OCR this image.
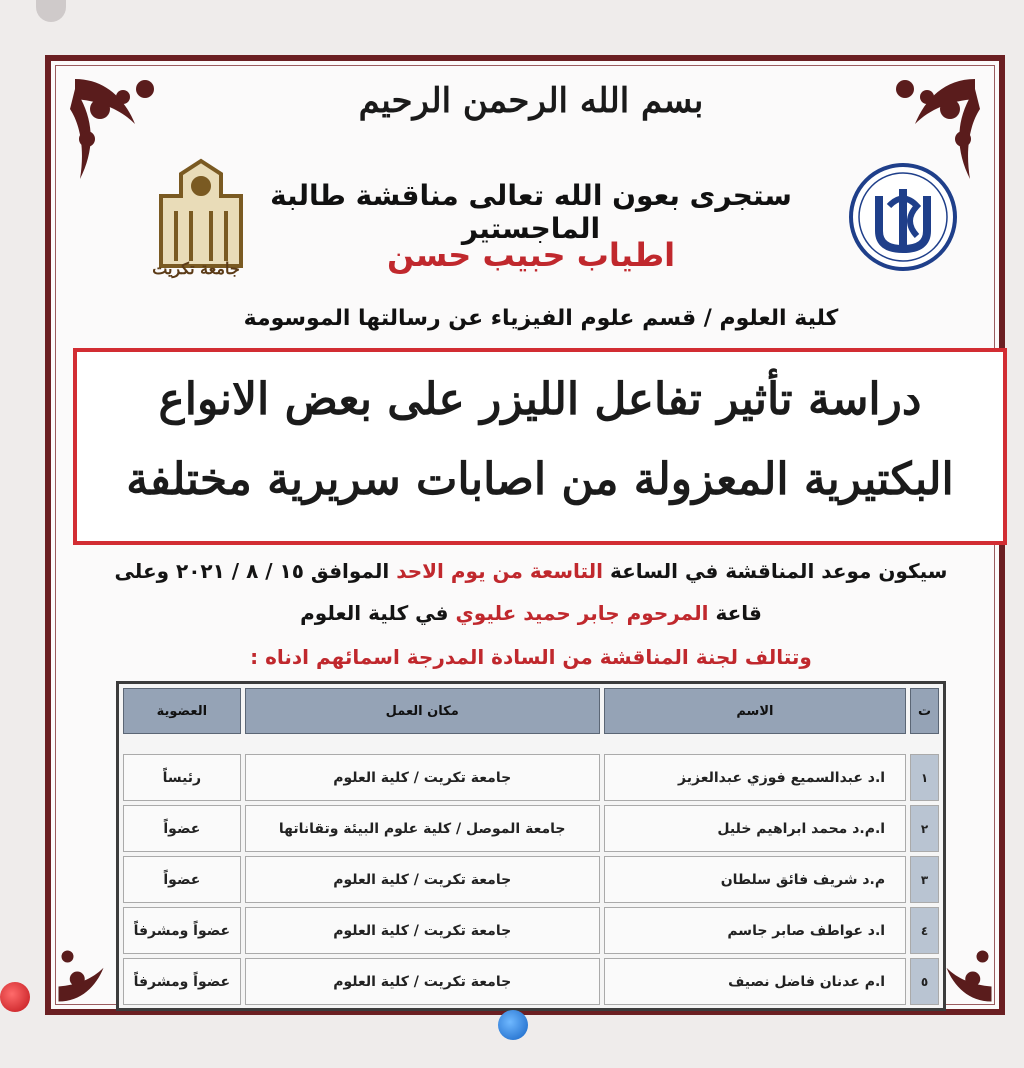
بسم الله الرحمن الرحيم
جامعة تكريت
ستجرى بعون الله تعالى مناقشة طالبة الماجستير
اطياب حبيب حسن
كلية العلوم / قسم علوم الفيزياء عن رسالتها الموسومة
دراسة تأثير تفاعل الليزر على بعض الانواع
البكتيرية المعزولة من اصابات سريرية مختلفة
سيكون موعد المناقشة في الساعة التاسعة من يوم الاحد الموافق ١٥ / ٨ / ٢٠٢١ وعلى
قاعة المرحوم جابر حميد عليوي في كلية العلوم
وتتالف لجنة المناقشة من السادة المدرجة اسمائهم ادناه :
ت	الاسم	مكان العمل	العضوية

١	ا.د عبدالسميع فوزي عبدالعزيز	جامعة تكريت / كلية العلوم	رئيساً
٢	ا.م.د محمد ابراهيم خليل	جامعة الموصل / كلية علوم البيئة وتقاناتها	عضواً
٣	م.د شريف فائق سلطان	جامعة تكريت / كلية العلوم	عضواً
٤	ا.د عواطف صابر جاسم	جامعة تكريت / كلية العلوم	عضواً ومشرفاً
٥	ا.م عدنان فاضل نصيف	جامعة تكريت / كلية العلوم	عضواً ومشرفاً
